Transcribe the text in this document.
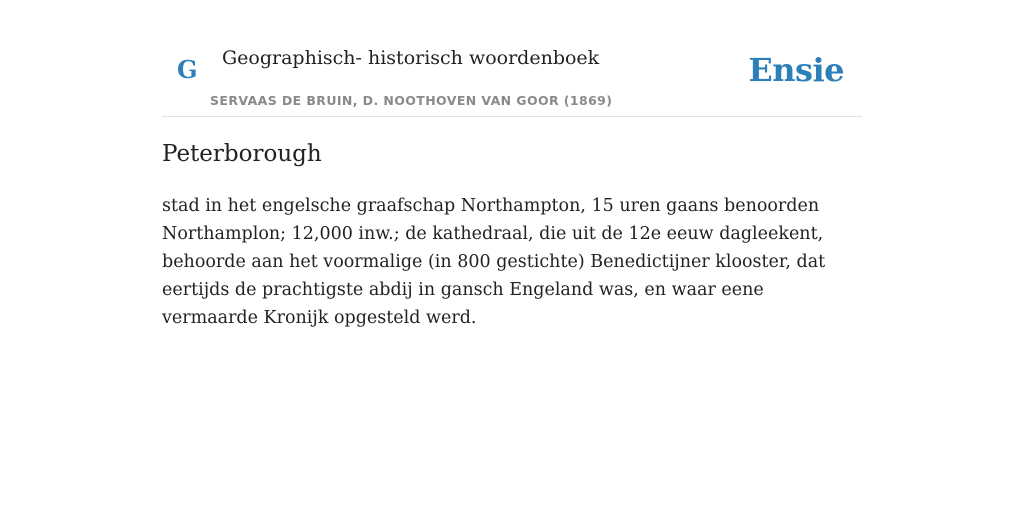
G Geographisch- historisch woordenboek
SERVAAS DE BRUIN, D. NOOTHOVEN VAN GOOR (1869)
Ensie
Peterborough

stad in het engelsche graafschap Northampton, 15 uren gaans benoorden Northamplon; 12,000 inw.; de kathedraal, die uit de 12e eeuw dagleekent, behoorde aan het voormalige (in 800 gestichte) Benedictijner klooster, dat eertijds de prachtigste abdij in gansch Engeland was, en waar eene vermaarde Kronijk opgesteld werd.
